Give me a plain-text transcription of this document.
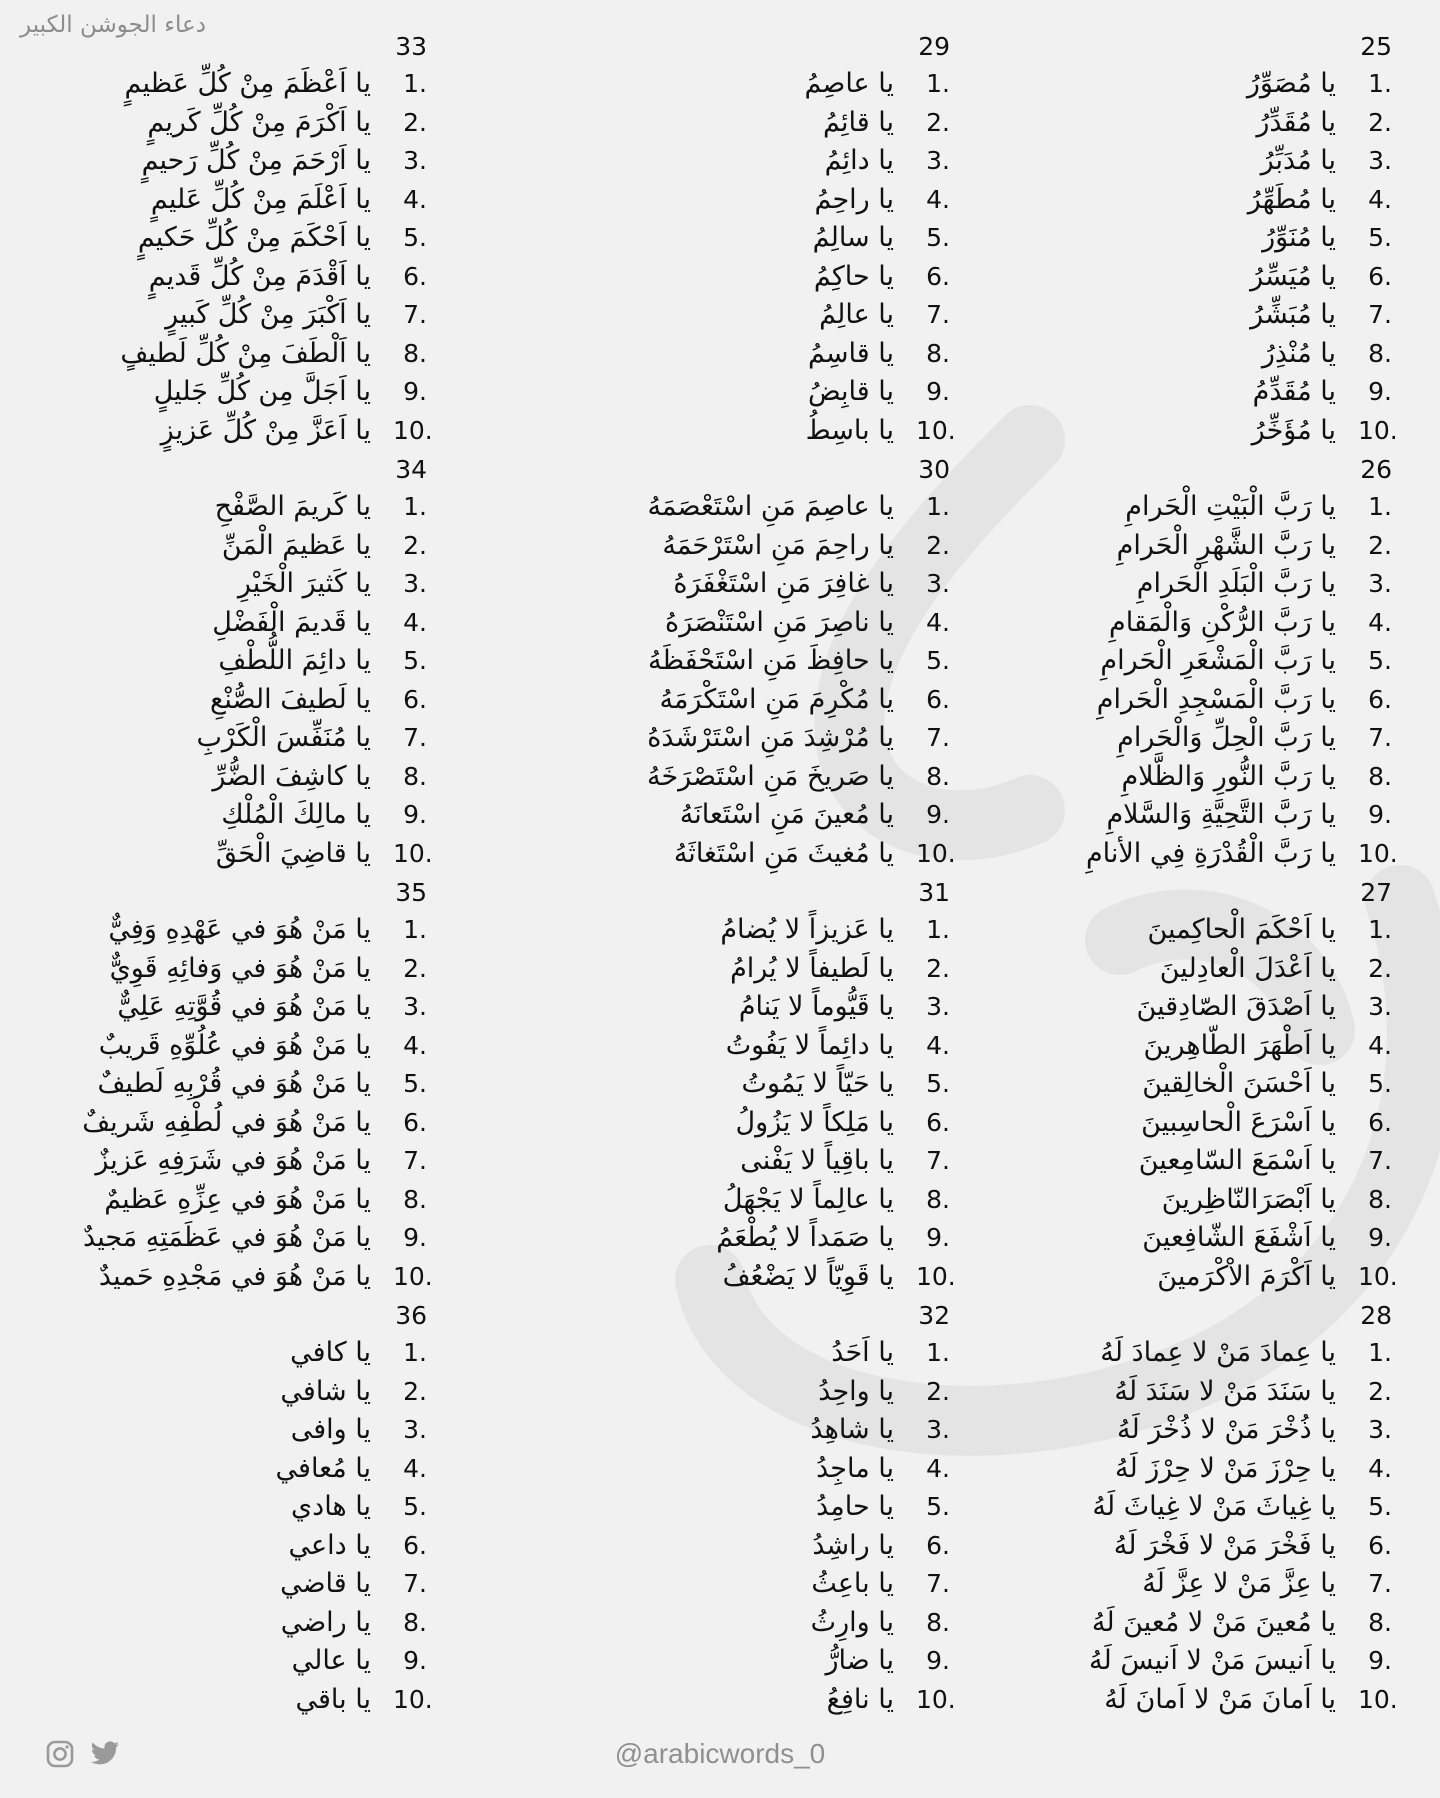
دعاء الجوشن الكبير
25
1.
يا مُصَوِّرُ
2.
يا مُقَدِّرُ
3.
يا مُدَبِّرُ
4.
يا مُطَهِّرُ
5.
يا مُنَوِّرُ
6.
يا مُيَسِّرُ
7.
يا مُبَشِّرُ
8.
يا مُنْذِرُ
9.
يا مُقَدِّمُ
10.
يا مُؤَخِّرُ
26
1.
يا رَبَّ الْبَيْتِ الْحَرامِ
2.
يا رَبَّ الشَّهْرِ الْحَرامِ
3.
يا رَبَّ الْبَلَدِ الْحَرامِ
4.
يا رَبَّ الرُّكْنِ وَالْمَقامِ
5.
يا رَبَّ الْمَشْعَرِ الْحَرامِ
6.
يا رَبَّ الْمَسْجِدِ الْحَرامِ
7.
يا رَبَّ الْحِلِّ وَالْحَرامِ
8.
يا رَبَّ النُّورِ وَالظَّلامِ
9.
يا رَبَّ التَّحِيَّةِ وَالسَّلامِ
10.
يا رَبَّ الْقُدْرَةِ فِي الأنامِ
27
1.
يا اَحْكَمَ الْحاكِمينَ
2.
يا اَعْدَلَ الْعادِلينَ
3.
يا اَصْدَقَ الصّادِقينَ
4.
يا اَطْهَرَ الطّاهِرينَ
5.
يا اَحْسَنَ الْخالِقينَ
6.
يا اَسْرَعَ الْحاسِبينَ
7.
يا اَسْمَعَ السّامِعينَ
8.
يا اَبْصَرَالنّاظِرينَ
9.
يا اَشْفَعَ الشّافِعينَ
10.
يا اَكْرَمَ الاْكْرَمينَ
28
1.
يا عِمادَ مَنْ لا عِمادَ لَهُ
2.
يا سَنَدَ مَنْ لا سَنَدَ لَهُ
3.
يا ذُخْرَ مَنْ لا ذُخْرَ لَهُ
4.
يا حِرْزَ مَنْ لا حِرْزَ لَهُ
5.
يا غِياثَ مَنْ لا غِياثَ لَهُ
6.
يا فَخْرَ مَنْ لا فَخْرَ لَهُ
7.
يا عِزَّ مَنْ لا عِزَّ لَهُ
8.
يا مُعينَ مَنْ لا مُعينَ لَهُ
9.
يا اَنيسَ مَنْ لا اَنيسَ لَهُ
10.
يا اَمانَ مَنْ لا اَمانَ لَهُ
29
1.
يا عاصِمُ
2.
يا قائِمُ
3.
يا دائِمُ
4.
يا راحِمُ
5.
يا سالِمُ
6.
يا حاكِمُ
7.
يا عالِمُ
8.
يا قاسِمُ
9.
يا قابِضُ
10.
يا باسِطُ
30
1.
يا عاصِمَ مَنِ اسْتَعْصَمَهُ
2.
يا راحِمَ مَنِ اسْتَرْحَمَهُ
3.
يا غافِرَ مَنِ اسْتَغْفَرَهُ
4.
يا ناصِرَ مَنِ اسْتَنْصَرَهُ
5.
يا حافِظَ مَنِ اسْتَحْفَظَهُ
6.
يا مُكْرِمَ مَنِ اسْتَكْرَمَهُ
7.
يا مُرْشِدَ مَنِ اسْتَرْشَدَهُ
8.
يا صَريخَ مَنِ اسْتَصْرَخَهُ
9.
يا مُعينَ مَنِ اسْتَعانَهُ
10.
يا مُغيثَ مَنِ اسْتَغاثَهُ
31
1.
يا عَزيزاً لا يُضامُ
2.
يا لَطيفاً لا يُرامُ
3.
يا قَيُّوماً لا يَنامُ
4.
يا دائِماً لا يَفُوتُ
5.
يا حَيّاً لا يَمُوتُ
6.
يا مَلِكاً لا يَزُولُ
7.
يا باقِياً لا يَفْنى
8.
يا عالِماً لا يَجْهَلُ
9.
يا صَمَداً لا يُطْعَمُ
10.
يا قَوِيّاً لا يَضْعُفُ
32
1.
يا اَحَدُ
2.
يا واحِدُ
3.
يا شاهِدُ
4.
يا ماجِدُ
5.
يا حامِدُ
6.
يا راشِدُ
7.
يا باعِثُ
8.
يا وارِثُ
9.
يا ضارُّ
10.
يا نافِعُ
33
1.
يا اَعْظَمَ مِنْ كُلِّ عَظيمٍ
2.
يا اَكْرَمَ مِنْ كُلِّ كَريمٍ
3.
يا اَرْحَمَ مِنْ كُلِّ رَحيمٍ
4.
يا اَعْلَمَ مِنْ كُلِّ عَليمٍ
5.
يا اَحْكَمَ مِنْ كُلِّ حَكيمٍ
6.
يا اَقْدَمَ مِنْ كُلِّ قَديمٍ
7.
يا اَكْبَرَ مِنْ كُلِّ كَبيرٍ
8.
يا اَلْطَفَ مِنْ كُلِّ لَطيفٍ
9.
يا اَجَلَّ مِن كُلِّ جَليلٍ
10.
يا اَعَزَّ مِنْ كُلِّ عَزيزٍ
34
1.
يا كَريمَ الصَّفْحِ
2.
يا عَظيمَ الْمَنِّ
3.
يا كَثيرَ الْخَيْرِ
4.
يا قَديمَ الْفَضْلِ
5.
يا دائِمَ اللُّطْفِ
6.
يا لَطيفَ الصُّنْعِ
7.
يا مُنَفِّسَ الْكَرْبِ
8.
يا كاشِفَ الضُّرِّ
9.
يا مالِكَ الْمُلْكِ
10.
يا قاضِيَ الْحَقِّ
35
1.
يا مَنْ هُوَ في عَهْدِهِ وَفِيٌّ
2.
يا مَنْ هُوَ في وَفائِهِ قَوِيٌّ
3.
يا مَنْ هُوَ في قُوَّتِهِ عَلِيٌّ
4.
يا مَنْ هُوَ في عُلُوِّهِ قَريبٌ
5.
يا مَنْ هُوَ في قُرْبِهِ لَطيفٌ
6.
يا مَنْ هُوَ في لُطْفِهِ شَريفٌ
7.
يا مَنْ هُوَ في شَرَفِهِ عَزيزٌ
8.
يا مَنْ هُوَ في عِزِّهِ عَظيمٌ
9.
يا مَنْ هُوَ في عَظَمَتِهِ مَجيدٌ
10.
يا مَنْ هُوَ في مَجْدِهِ حَميدٌ
36
1.
يا كافي
2.
يا شافي
3.
يا وافى
4.
يا مُعافي
5.
يا هادي
6.
يا داعي
7.
يا قاضي
8.
يا راضي
9.
يا عالي
10.
يا باقي
@arabicwords_0
